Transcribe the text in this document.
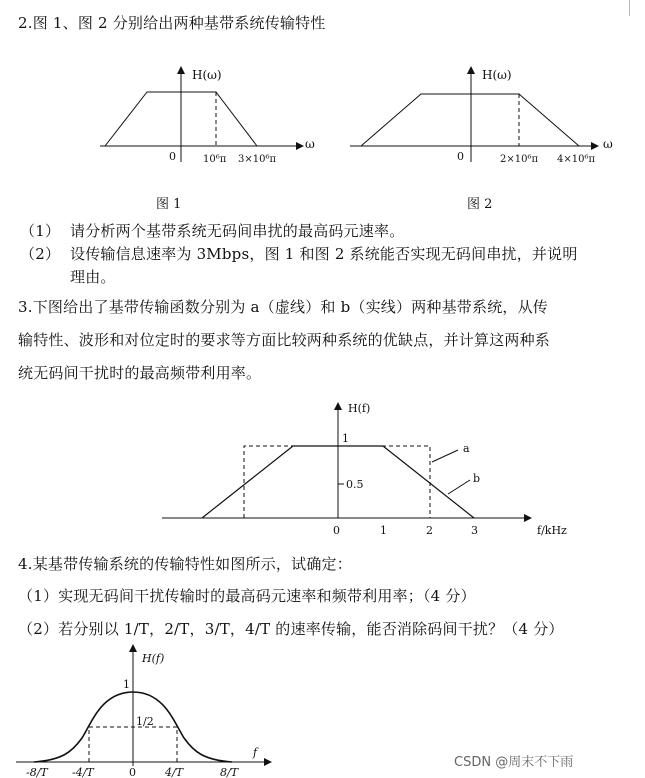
2.图 1、图 2 分别给出两种基带系统传输特性
H(ω)
ω
0	10⁶π 3×10⁶π
图 1
H(ω)
ω
0	2×10⁶π 4×10⁶π
图 2
（1） 请分析两个基带系统无码间串扰的最高码元速率。
（2） 设传输信息速率为 3Mbps，图 1 和图 2 系统能否实现无码间串扰，并说明
理由。
3.下图给出了基带传输函数分别为 a（虚线）和 b（实线）两种基带系统，从传
输特性、波形和对位定时的要求等方面比较两种系统的优缺点，并计算这两种系
统无码间干扰时的最高频带利用率。
H(f)
1
0.5
0	1	2	3	f/kHz
a
b
4.某基带传输系统的传输特性如图所示，试确定：
（1）实现无码间干扰传输时的最高码元速率和频带利用率；（4 分）
（2）若分别以 1/T，2/T，3/T，4/T 的速率传输，能否消除码间干扰？（4 分）
H(f)
1
1/2
f
-8/T -4/T	0	4/T	8/T
CSDN @周末不下雨
